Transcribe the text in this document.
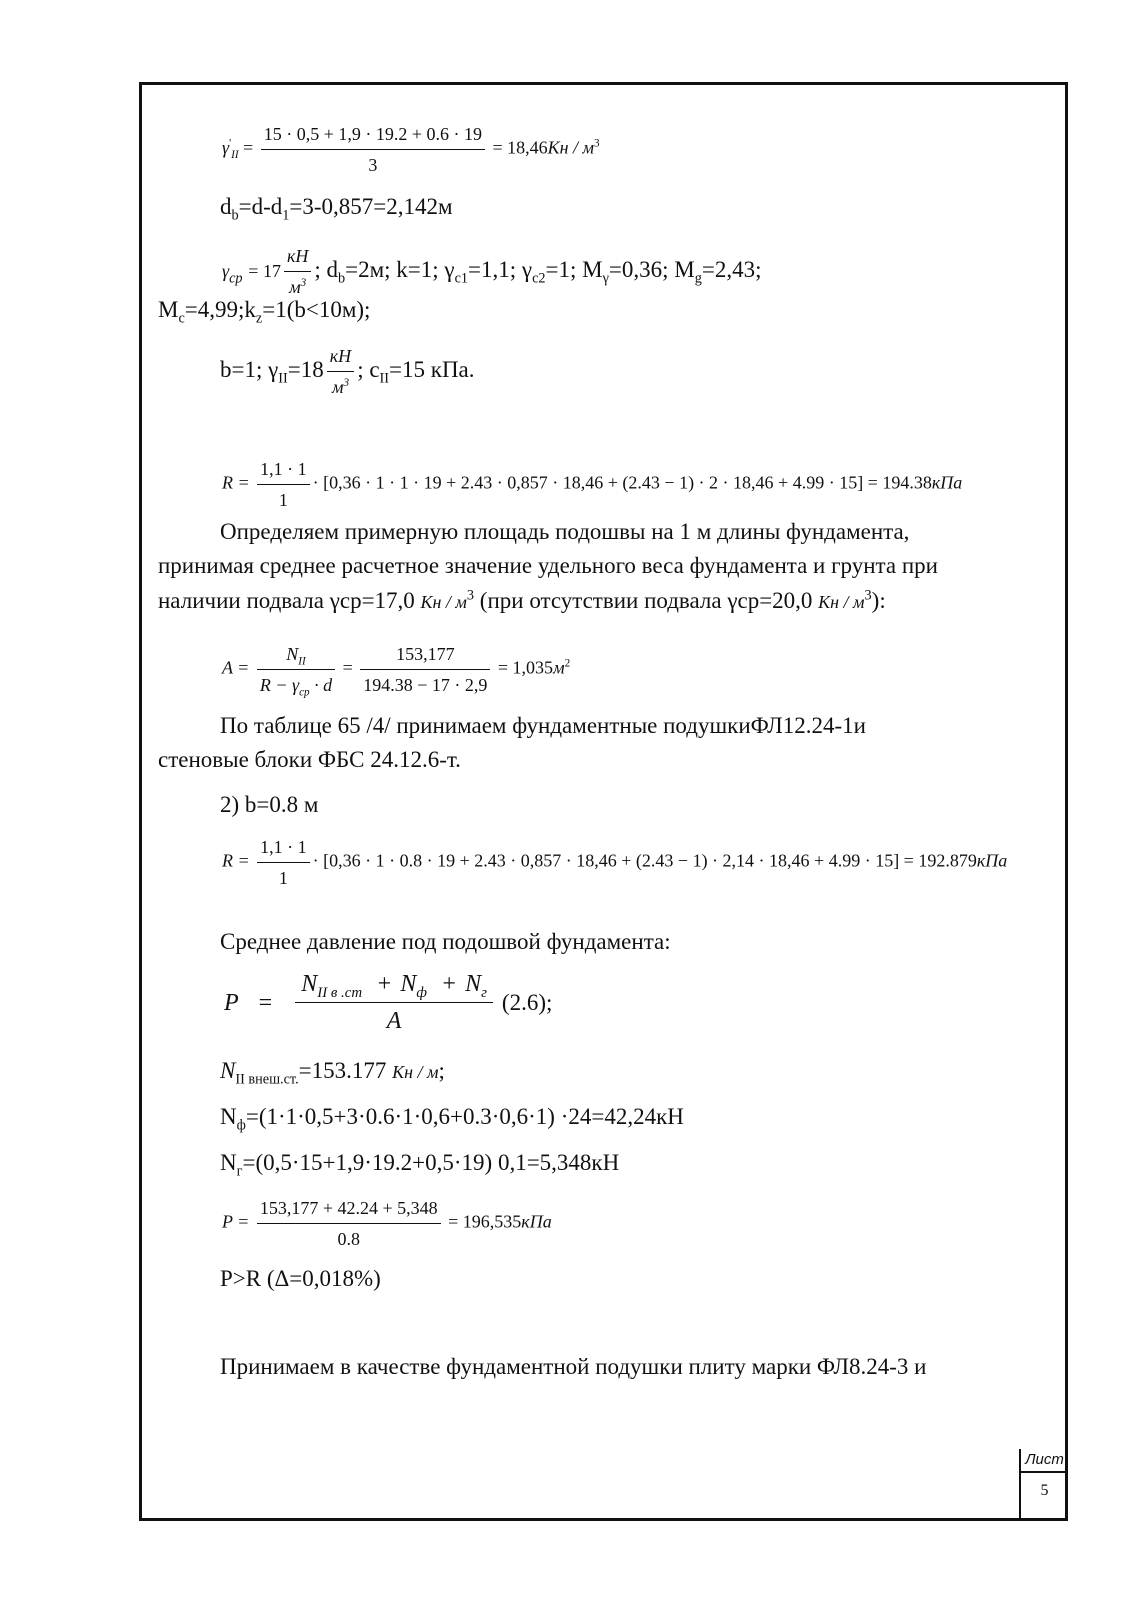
$\gamma'_{II} = \frac{15 \cdot 0,5 + 1,9 \cdot 19.2 + 0.6 \cdot 19}{3} = 18,46Кн / м^3$
$d_b=d-d_1=3-0,857=2,142м$
$\gamma_{ср} = 17 \frac{кН}{м^3}$ ; $d_b=2м$; k=1; $\gamma_{c1}=1,1$; $\gamma_{c2}=1$; $M_\gamma=0,36$; $M_g=2,43$;
$M_c=4,99;k_z=1(b<10м)$;
b=1; $\gamma_{II}=18 \frac{кН}{м^3}$ ; $c_{II}=15$ кПа.
$R = \frac{1,1 \cdot 1}{1} \cdot [0,36 \cdot 1 \cdot 1 \cdot 19 + 2.43 \cdot 0,857 \cdot 18,46 + (2.43 - 1) \cdot 2 \cdot 18,46 + 4.99 \cdot 15] = 194.38кПа$
Определяем примерную площадь подошвы на 1 м длины фундамента,
принимая среднее расчетное значение удельного веса фундамента и грунта при
наличии подвала γср=17,0 Кн / $м^3$ (при отсутствии подвала γср=20,0 Кн / $м^3$):
$A = \frac{N_{II}}{R - \gamma_{ср} \cdot d} = \frac{153,177}{194.38 - 17 \cdot 2,9} = 1,035м^2$
По таблице 65 /4/ принимаем фундаментные подушкиФЛ12.24-1и
стеновые блоки ФБС 24.12.6-т.
2) b=0.8 м
$R = \frac{1,1 \cdot 1}{1} \cdot [0,36 \cdot 1 \cdot 0.8 \cdot 19 + 2.43 \cdot 0,857 \cdot 18,46 + (2.43 - 1) \cdot 2,14 \cdot 18,46 + 4.99 \cdot 15] = 192.879кПа$
Среднее давление под подошвой фундамента:
$P = \frac{N_{II в .ст} + N_ф + N_г}{A} (2.6)$;
$N_{II внеш.ст.}=153.177$ Кн / м;
$N_ф=(1\cdot 1\cdot 0,5+3\cdot 0.6\cdot 1\cdot 0,6+0.3\cdot 0,6\cdot 1) \cdot 24=42,24кН$
$N_г=(0,5\cdot 15+1,9\cdot 19.2+0,5\cdot 19)$ 0,1=5,348кН
$P = \frac{153,177 + 42.24 + 5,348}{0.8} = 196,535кПа$
P>R (Δ=0,018%)
Принимаем в качестве фундаментной подушки плиту марки ФЛ8.24-3 и
Лист
5
